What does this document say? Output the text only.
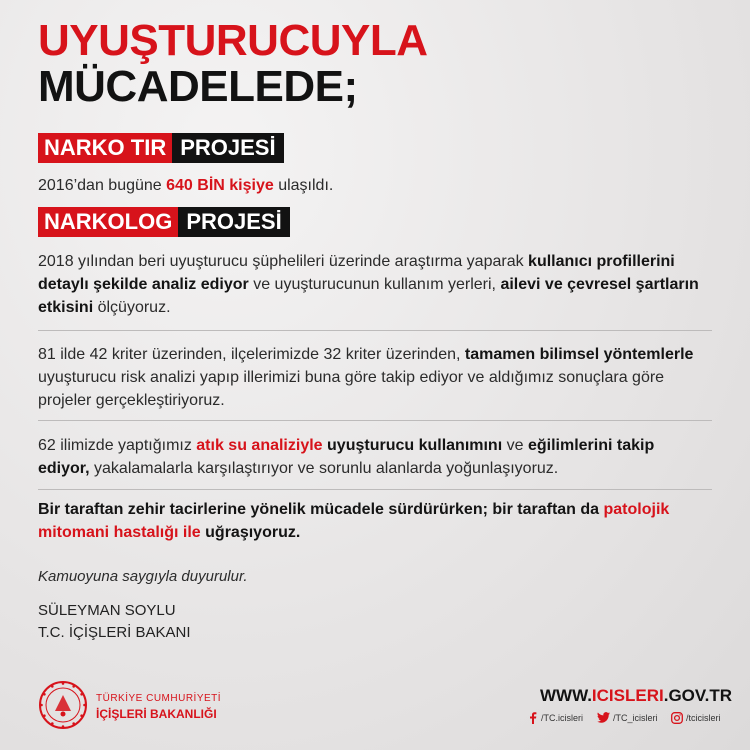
UYUŞTURUCUYLA
MÜCADELEDE;
NARKO TIR PROJESİ
2016’dan bugüne 640 BİN kişiye ulaşıldı.
NARKOLOG PROJESİ
2018 yılından beri uyuşturucu şüphelileri üzerinde araştırma yaparak kullanıcı profillerini detaylı şekilde analiz ediyor ve uyuşturucunun kullanım yerleri, ailevi ve çevresel şartların etkisini ölçüyoruz.
81 ilde 42 kriter üzerinden, ilçelerimizde 32 kriter üzerinden, tamamen bilimsel yöntemlerle uyuşturucu risk analizi yapıp illerimizi buna göre takip ediyor ve aldığımız sonuçlara göre projeler gerçekleştiriyoruz.
62 ilimizde yaptığımız atık su analiziyle uyuşturucu kullanımını ve eğilimlerini takip ediyor, yakalamalarla karşılaştırıyor ve sorunlu alanlarda yoğunlaşıyoruz.
Bir taraftan zehir tacirlerine yönelik mücadele sürdürürken; bir taraftan da patolojik mitomani hastalığı ile uğraşıyoruz.
Kamuoyuna saygıyla duyurulur.
SÜLEYMAN SOYLU
T.C. İÇİŞLERİ BAKANI
TÜRKİYE CUMHURİYETİ
İÇİŞLERİ BAKANLIĞI
WWW.ICISLERI.GOV.TR
/TC.icisleri	/TC_icisleri	/tcicisleri
